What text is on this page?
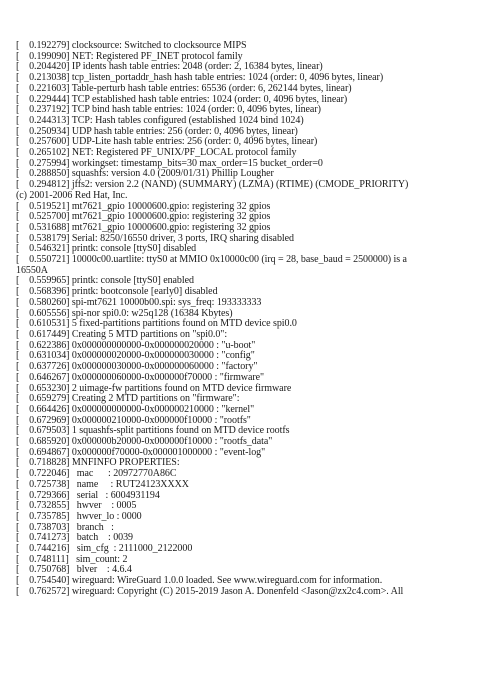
[    0.192279] clocksource: Switched to clocksource MIPS
[    0.199090] NET: Registered PF_INET protocol family
[    0.204420] IP idents hash table entries: 2048 (order: 2, 16384 bytes, linear)
[    0.213038] tcp_listen_portaddr_hash hash table entries: 1024 (order: 0, 4096 bytes, linear)
[    0.221603] Table-perturb hash table entries: 65536 (order: 6, 262144 bytes, linear)
[    0.229444] TCP established hash table entries: 1024 (order: 0, 4096 bytes, linear)
[    0.237192] TCP bind hash table entries: 1024 (order: 0, 4096 bytes, linear)
[    0.244313] TCP: Hash tables configured (established 1024 bind 1024)
[    0.250934] UDP hash table entries: 256 (order: 0, 4096 bytes, linear)
[    0.257600] UDP-Lite hash table entries: 256 (order: 0, 4096 bytes, linear)
[    0.265102] NET: Registered PF_UNIX/PF_LOCAL protocol family
[    0.275994] workingset: timestamp_bits=30 max_order=15 bucket_order=0
[    0.288850] squashfs: version 4.0 (2009/01/31) Phillip Lougher
[    0.294812] jffs2: version 2.2 (NAND) (SUMMARY) (LZMA) (RTIME) (CMODE_PRIORITY)
(c) 2001-2006 Red Hat, Inc.
[    0.519521] mt7621_gpio 10000600.gpio: registering 32 gpios
[    0.525700] mt7621_gpio 10000600.gpio: registering 32 gpios
[    0.531688] mt7621_gpio 10000600.gpio: registering 32 gpios
[    0.538179] Serial: 8250/16550 driver, 3 ports, IRQ sharing disabled
[    0.546321] printk: console [ttyS0] disabled
[    0.550721] 10000c00.uartlite: ttyS0 at MMIO 0x10000c00 (irq = 28, base_baud = 2500000) is a
16550A
[    0.559965] printk: console [ttyS0] enabled
[    0.568396] printk: bootconsole [early0] disabled
[    0.580260] spi-mt7621 10000b00.spi: sys_freq: 193333333
[    0.605556] spi-nor spi0.0: w25q128 (16384 Kbytes)
[    0.610531] 5 fixed-partitions partitions found on MTD device spi0.0
[    0.617449] Creating 5 MTD partitions on "spi0.0":
[    0.622386] 0x000000000000-0x000000020000 : "u-boot"
[    0.631034] 0x000000020000-0x000000030000 : "config"
[    0.637726] 0x000000030000-0x000000060000 : "factory"
[    0.646267] 0x000000060000-0x000000f70000 : "firmware"
[    0.653230] 2 uimage-fw partitions found on MTD device firmware
[    0.659279] Creating 2 MTD partitions on "firmware":
[    0.664426] 0x000000000000-0x000000210000 : "kernel"
[    0.672969] 0x000000210000-0x000000f10000 : "rootfs"
[    0.679503] 1 squashfs-split partitions found on MTD device rootfs
[    0.685920] 0x000000b20000-0x000000f10000 : "rootfs_data"
[    0.694867] 0x000000f70000-0x000001000000 : "event-log"
[    0.718828] MNFINFO PROPERTIES:
[    0.722046]   mac      : 20972770A86C
[    0.725738]   name     : RUT24123XXXX
[    0.729366]   serial   : 6004931194
[    0.732855]   hwver    : 0005
[    0.735785]   hwver_lo : 0000
[    0.738703]   branch   :
[    0.741273]   batch    : 0039
[    0.744216]   sim_cfg  : 2111000_2122000
[    0.748111]   sim_count: 2
[    0.750768]   blver    : 4.6.4
[    0.754540] wireguard: WireGuard 1.0.0 loaded. See www.wireguard.com for information.
[    0.762572] wireguard: Copyright (C) 2015-2019 Jason A. Donenfeld <Jason@zx2c4.com>. All
